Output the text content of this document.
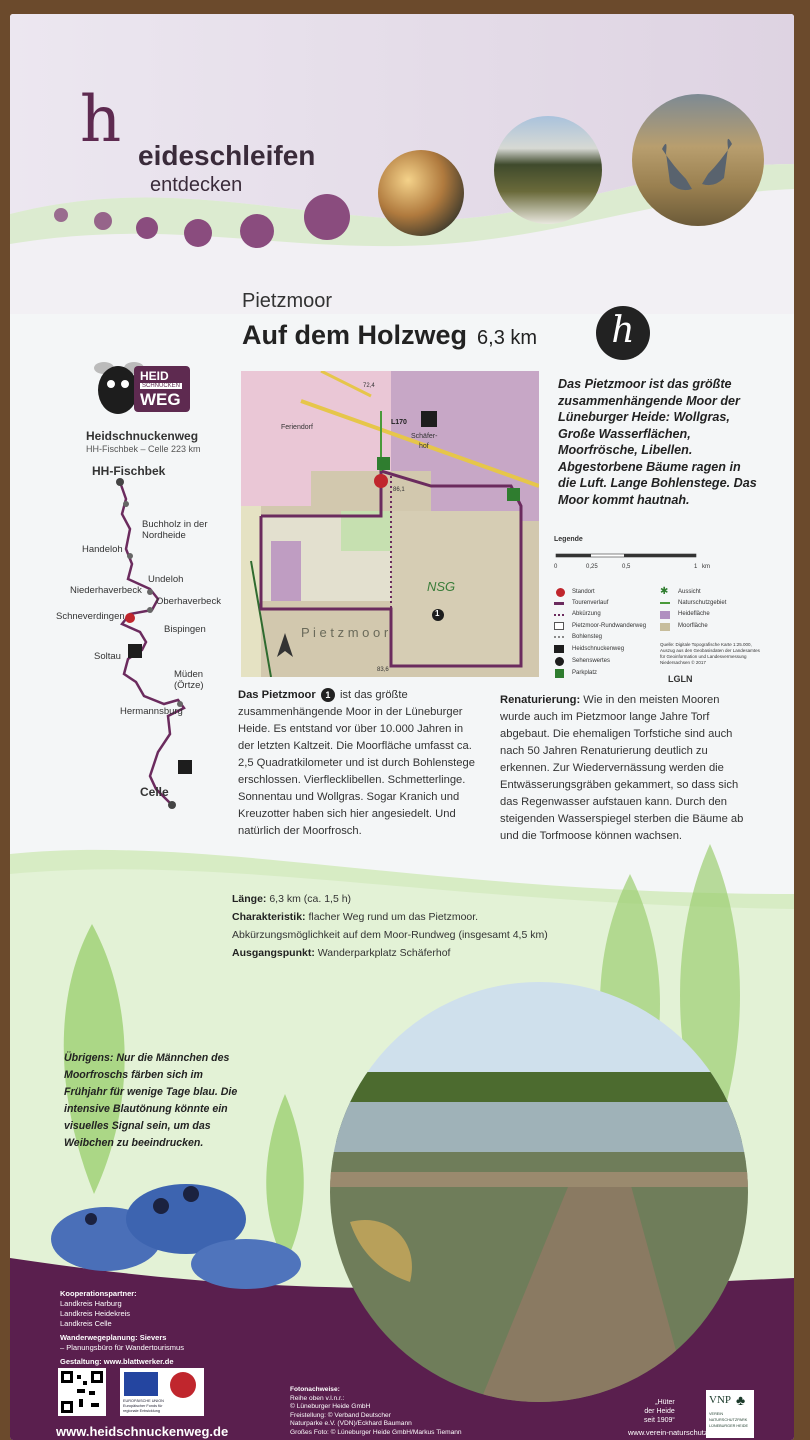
h eideschleifen
entdecken
Pietzmoor
Auf dem Holzweg 6,3 km	h
HEID
SCHNUCKEN
WEG
Heidschnuckenweg
HH-Fischbek – Celle 223 km
HH-Fischbek
Celle
Buchholz in der
Nordheide
Handeloh
Undeloh
Niederhaverbeck
Oberhaverbeck
Schneverdingen
Bispingen
Soltau
Müden
(Örtze)
Hermannsburg
Feriendorf
Schäfer-
hof
L170
72,4
86,1
83,6
NSG
P i e t z m o o r
1
Das Pietzmoor ist das größte zusammenhängende Moor der Lüneburger Heide: Wollgras, Große Wasserflächen, Moorfrösche, Libellen. Abgestorbene Bäume ragen in die Luft. Lange Bohlenstege. Das Moor kommt hautnah.
Legende
0	0,25	0,5	1 km
Standort
Tourenverlauf
Abkürzung
Pietzmoor-Rundwanderweg
Bohlensteg
Heidschnuckenweg
Sehenswertes
Parkplatz
✱ Aussicht
Naturschutzgebiet
Heidefläche
Moorfläche
Quelle: Digitale Topografische Karte 1:25.000,
Auszug aus den Geobasisdaten der Landesamtes
für Geoinformation und Landesvermessung
Niedersachsen © 2017
LGLN
Das Pietzmoor 1 ist das größte zusammenhängende Moor in der Lüneburger Heide. Es entstand vor über 10.000 Jahren in der letzten Kaltzeit. Die Moorfläche umfasst ca. 2,5 Quadratkilometer und ist durch Bohlenstege erschlossen. Vierflecklibellen. Schmetterlinge. Sonnentau und Wollgras. Sogar Kranich und Kreuzotter haben sich hier angesiedelt. Und natürlich der Moorfrosch.
Renaturierung: Wie in den meisten Mooren wurde auch im Pietzmoor lange Jahre Torf abgebaut. Die ehemaligen Torfstiche sind auch nach 50 Jahren Renaturierung deutlich zu erkennen. Zur Wiedervernässung werden die Entwässerungsgräben gekammert, so dass sich das Regenwasser aufstauen kann. Durch den steigenden Wasserspiegel sterben die Bäume ab und die Torfmoose können wachsen.
Länge: 6,3 km (ca. 1,5 h)
Charakteristik: flacher Weg rund um das Pietzmoor.
Abkürzungsmöglichkeit auf dem Moor-Rundweg (insgesamt 4,5 km)
Ausgangspunkt: Wanderparkplatz Schäferhof
Übrigens: Nur die Männchen des Moorfroschs färben sich im Frühjahr für wenige Tage blau. Die intensive Blautönung könnte ein visuelles Signal sein, um das Weibchen zu beeindrucken.
Kooperationspartner:
Landkreis Harburg
Landkreis Heidekreis
Landkreis Celle
Wanderwegeplanung: Sievers
– Planungsbüro für Wandertourismus
Gestaltung: www.blattwerker.de
EUROPÄISCHE UNION
Europäischer Fonds für
regionale Entwicklung
Fotonachweise:
Reihe oben v.l.n.r.:
© Lüneburger Heide GmbH
Freistellung: © Verband Deutscher
Naturparke e.V. (VDN)/Eckhard Baumann
Großes Foto: © Lüneburger Heide GmbH/Markus Tiemann
www.heidschnuckenweg.de
„Hüter
der Heide
seit 1909“
VNP ♣
VEREIN
NATURSCHUTZPARK
LÜNEBURGER HEIDE
www.verein-naturschutzpark.de
